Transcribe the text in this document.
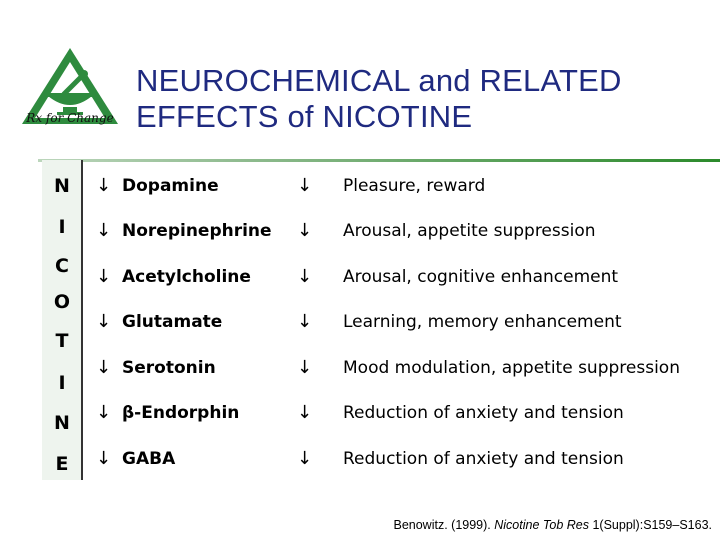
Rx for Change
NEUROCHEMICAL and RELATED
EFFECTS of NICOTINE
N
I
C
O
T
I
N
E
↓ Dopamine	↓ Pleasure, reward
↓ Norepinephrine ↓ Arousal, appetite suppression
↓ Acetylcholine	↓ Arousal, cognitive enhancement
↓ Glutamate	↓ Learning, memory enhancement
↓ Serotonin	↓ Mood modulation, appetite suppression
↓ β-Endorphin	↓ Reduction of anxiety and tension
↓ GABA	↓ Reduction of anxiety and tension
Benowitz. (1999). Nicotine Tob Res 1(Suppl):S159–S163.
